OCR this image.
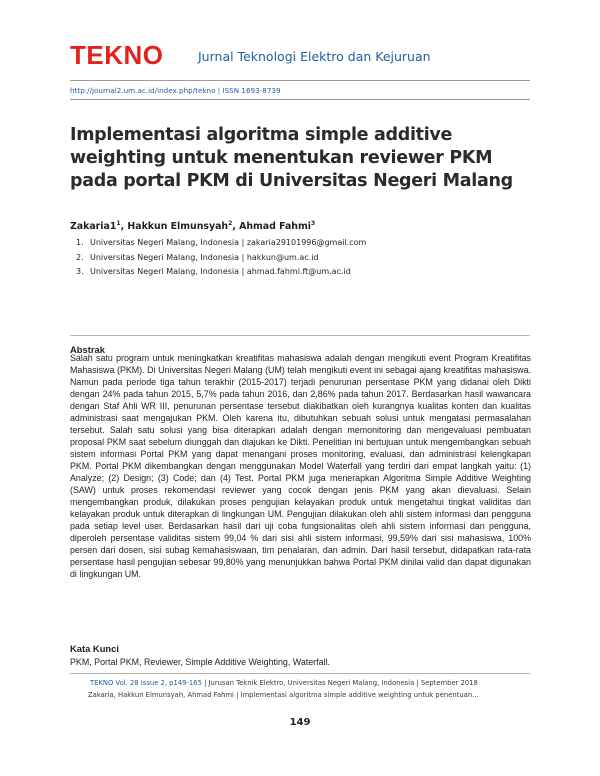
TEKNO	Jurnal Teknologi Elektro dan Kejuruan
http://journal2.um.ac.id/index.php/tekno | ISSN 1693-8739
Implementasi algoritma simple additive weighting untuk menentukan reviewer PKM pada portal PKM di Universitas Negeri Malang
$Zakaria1^1$, Hakkun Elmunsyah$^2$, Ahmad Fahmi$^3$
1. Universitas Negeri Malang, Indonesia | zakaria29101996@gmail.com
2. Universitas Negeri Malang, Indonesia | hakkun@um.ac.id
3. Universitas Negeri Malang, Indonesia | ahmad.fahmi.ft@um.ac.id
Abstrak

Salah satu program untuk meningkatkan kreatifitas mahasiswa adalah dengan mengikuti event Program Kreatifitas Mahasiswa (PKM). Di Universitas Negeri Malang (UM) telah mengikuti event ini sebagai ajang kreatifitas mahasiswa. Namun pada periode tiga tahun terakhir (2015-2017) terjadi penurunan persentase PKM yang didanai oleh Dikti dengan 24% pada tahun 2015, 5,7% pada tahun 2016, dan 2,86% pada tahun 2017. Berdasarkan hasil wawancara dengan Staf Ahli WR III, penurunan persentase tersebut diakibatkan oleh kurangnya kualitas konten dan kualitas administrasi saat mengajukan PKM. Oleh karena itu, dibutuhkan sebuah solusi untuk mengatasi permasalahan tersebut. Salah satu solusi yang bisa diterapkan adalah dengan memonitoring dan mengevaluasi pembuatan proposal PKM saat sebelum diunggah dan diajukan ke Dikti. Penelitian ini bertujuan untuk mengembangkan sebuah sistem informasi Portal PKM yang dapat menangani proses monitoring, evaluasi, dan administrasi kelengkapan PKM. Portal PKM dikembangkan dengan menggunakan Model Waterfall yang terdiri dari empat langkah yaitu: (1) Analyze; (2) Design; (3) Code; dan (4) Test. Portal PKM juga menerapkan Algoritma Simple Additive Weighting (SAW) untuk proses rekomendasi reviewer yang cocok dengan jenis PKM yang akan dievaluasi. Selain mengembangkan produk, dilakukan proses pengujian kelayakan produk untuk mengetahui tingkat validitas dan kelayakan produk untuk diterapkan di lingkungan UM. Pengujian dilakukan oleh ahli sistem informasi dan pengguna pada setiap level user. Berdasarkan hasil dari uji coba fungsionalitas oleh ahli sistem informasi dan pengguna, diperoleh persentase validitas sistem 99,04 % dari sisi ahli sistem informasi, 99,59% dari sisi mahasiswa, 100% persen dari dosen, sisi subag kemahasiswaan, tim penalaran, dan admin. Dari hasil tersebut, didapatkan rata-rata persentase hasil pengujian sebesar 99,80% yang menunjukkan bahwa Portal PKM dinilai valid dan dapat digunakan di lingkungan UM.

Kata Kunci
PKM, Portal PKM, Reviewer, Simple Additive Weighting, Waterfall.
TEKNO Vol. 28 Issue 2, p149-165 | Jurusan Teknik Elektro, Universitas Negeri Malang, Indonesia | September 2018
Zakaria, Hakkun Elmunsyah, Ahmad Fahmi | Implementasi algoritma simple additive weighting untuk penentuan...
149
